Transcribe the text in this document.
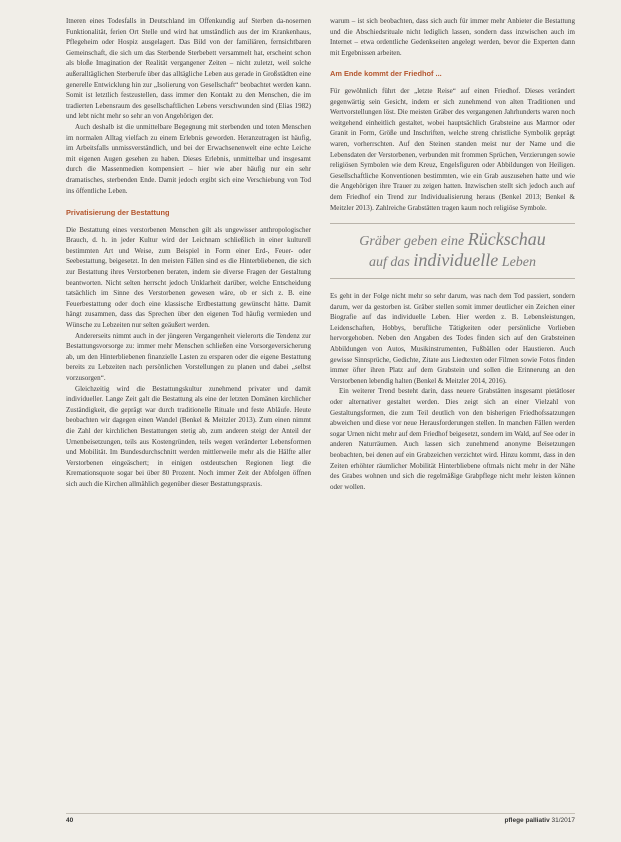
Itneren eines Todesfalls in Deutschland im Offenkundig auf Sterben da-nosernen Funktionalität, ferien Ort Stelle und wird hat umständlich aus der im Krankenhaus, Pflegeheim oder Hospiz ausgelagert. Das Bild von der familiären, fernsichtbaren Gemeinschaft, die sich um das Sterbende Sterbebett versammelt hat, erscheint schon als bloße Imagination der Realität vergangener Zeiten – nicht zuletzt, weil solche außeralltäglichen Sterberufe über das alltägliche Leben aus gerade in Großstädten eine generelle Entwicklung hin zur „Isolierung von Gesellschaft“ beobachtet werden kann. Somit ist letztlich festzustellen, dass immer den Kontakt zu den Menschen, die im tradierten Lebensraum des gesellschaftlichen Lebens verschwunden sind (Elias 1982) und lebt nicht mehr so sehr an von Angehörigen der.

Auch deshalb ist die unmittelbare Begegnung mit sterbenden und toten Menschen im normalen Alltag vielfach zu einem Erlebnis geworden. Heranzutragen ist häufig, im Arbeitsfalls unmissverständlich, und bei der Erwachsenenwelt eine echte Leiche mit eigenen Augen gesehen zu haben. Dieses Erlebnis, unmittelbar und insgesamt durch die Massenmedien kompensiert – hier wie aber häufig nur ein sehr dramatisches, sterbenden Ende. Damit jedoch ergibt sich eine Verschiebung von Tod ins öffentliche Leben.

Privatisierung der Bestattung

Die Bestattung eines verstorbenen Menschen gilt als ungewisser anthropologischer Brauch, d. h. in jeder Kultur wird der Leichnam schließlich in einer kulturell bestimmten Art und Weise, zum Beispiel in Form einer Erd-, Feuer- oder Seebestattung, beigesetzt. In den meisten Fällen sind es die Hinterbliebenen, die sich zur Bestattung ihres Verstorbenen beraten, indem sie diverse Fragen der Gestaltung beantworten. Nicht selten herrscht jedoch Unklarheit darüber, welche Entscheidung tatsächlich im Sinne des Verstorbenen gewesen wäre, ob er sich z. B. eine Feuerbestattung oder doch eine klassische Erdbestattung gewünscht hätte. Damit hängt zusammen, dass das Sprechen über den eigenen Tod häufig vermieden und Wünsche zu Lebzeiten nur selten geäußert werden.

Andererseits nimmt auch in der jüngeren Vergangenheit vielerorts die Tendenz zur Bestattungsvorsorge zu: immer mehr Menschen schließen eine Vorsorgeversicherung ab, um den Hinterbliebenen finanzielle Lasten zu ersparen oder die eigene Bestattung bereits zu Lebzeiten nach persönlichen Vorstellungen zu planen und dabei „selbst vorzusorgen“.

Gleichzeitig wird die Bestattungskultur zunehmend privater und damit individueller. Lange Zeit galt die Bestattung als eine der letzten Domänen kirchlicher Zuständigkeit, die geprägt war durch traditionelle Rituale und feste Abläufe. Heute beobachten wir dagegen einen Wandel (Benkel & Meitzler 2013). Zum einen nimmt die Zahl der kirchlichen Bestattungen stetig ab, zum anderen steigt der Anteil der Urnenbeisetzungen, teils aus Kostengründen, teils wegen veränderter Lebensformen und Mobilität. Im Bundesdurchschnitt werden mittlerweile mehr als die Hälfte aller Verstorbenen eingeäschert; in einigen ostdeutschen Regionen liegt die Kremationsquote sogar bei über 80 Prozent. Noch immer Zeit der Abfolgen öffnen sich auch die Kirchen allmählich gegenüber dieser Bestattungspraxis.

warum – ist sich beobachten, dass sich auch für immer mehr Anbieter die Bestattung und die Abschiedsrituale nicht lediglich lassen, sondern dass inzwischen auch im Internet – etwa ordentliche Gedenkseiten angelegt werden, bevor die Experten dann mit Ergebnissen arbeiten.

Am Ende kommt der Friedhof ...

Für gewöhnlich führt der „letzte Reise“ auf einen Friedhof. Dieses verändert gegenwärtig sein Gesicht, indem er sich zunehmend von alten Traditionen und Wertvorstellungen löst. Die meisten Gräber des vergangenen Jahrhunderts waren noch weitgehend einheitlich gestaltet, wobei hauptsächlich Grabsteine aus Marmor oder Granit in Form, Größe und Inschriften, welche streng christliche Symbolik geprägt waren, vorherrschten. Auf den Steinen standen meist nur der Name und die Lebensdaten der Verstorbenen, verbunden mit frommen Sprüchen, Verzierungen sowie religiösen Symbolen wie dem Kreuz, Engelsfiguren oder Abbildungen von Heiligen. Gesellschaftliche Konventionen bestimmten, wie ein Grab auszusehen hatte und wie die Angehörigen ihre Trauer zu zeigen hatten. Inzwischen stellt sich jedoch auch auf dem Friedhof ein Trend zur Individualisierung heraus (Benkel 2013; Benkel & Meitzler 2013). Zahlreiche Grabstätten tragen kaum noch religiöse Symbole.

Gräber geben eine Rückschau
auf das individuelle Leben

Es geht in der Folge nicht mehr so sehr darum, was nach dem Tod passiert, sondern darum, wer da gestorben ist. Gräber stellen somit immer deutlicher ein Zeichen einer Biografie auf das individuelle Leben. Hier werden z. B. Lebensleistungen, Leidenschaften, Hobbys, berufliche Tätigkeiten oder persönliche Vorlieben hervorgehoben. Neben den Angaben des Todes finden sich auf den Grabsteinen Abbildungen von Autos, Musikinstrumenten, Fußbällen oder Haustieren. Auch gewisse Sinnsprüche, Gedichte, Zitate aus Liedtexten oder Filmen sowie Fotos finden immer öfter ihren Platz auf dem Grabstein und sollen die Erinnerung an den Verstorbenen lebendig halten (Benkel & Meitzler 2014, 2016).

Ein weiterer Trend besteht darin, dass neuere Grabstätten insgesamt pietätloser oder alternativer gestaltet werden. Dies zeigt sich an einer Vielzahl von Gestaltungsformen, die zum Teil deutlich von den bisherigen Friedhofssatzungen abweichen und diese vor neue Herausforderungen stellen. In manchen Fällen werden sogar Urnen nicht mehr auf dem Friedhof beigesetzt, sondern im Wald, auf See oder in anderen Naturräumen. Auch lassen sich zunehmend anonyme Beisetzungen beobachten, bei denen auf ein Grabzeichen verzichtet wird. Hinzu kommt, dass in den Zeiten erhöhter räumlicher Mobilität Hinterbliebene oftmals nicht mehr in der Nähe des Grabes wohnen und sich die regelmäßige Grabpflege nicht mehr leisten können oder wollen.

40	pflege palliativ 31/2017
